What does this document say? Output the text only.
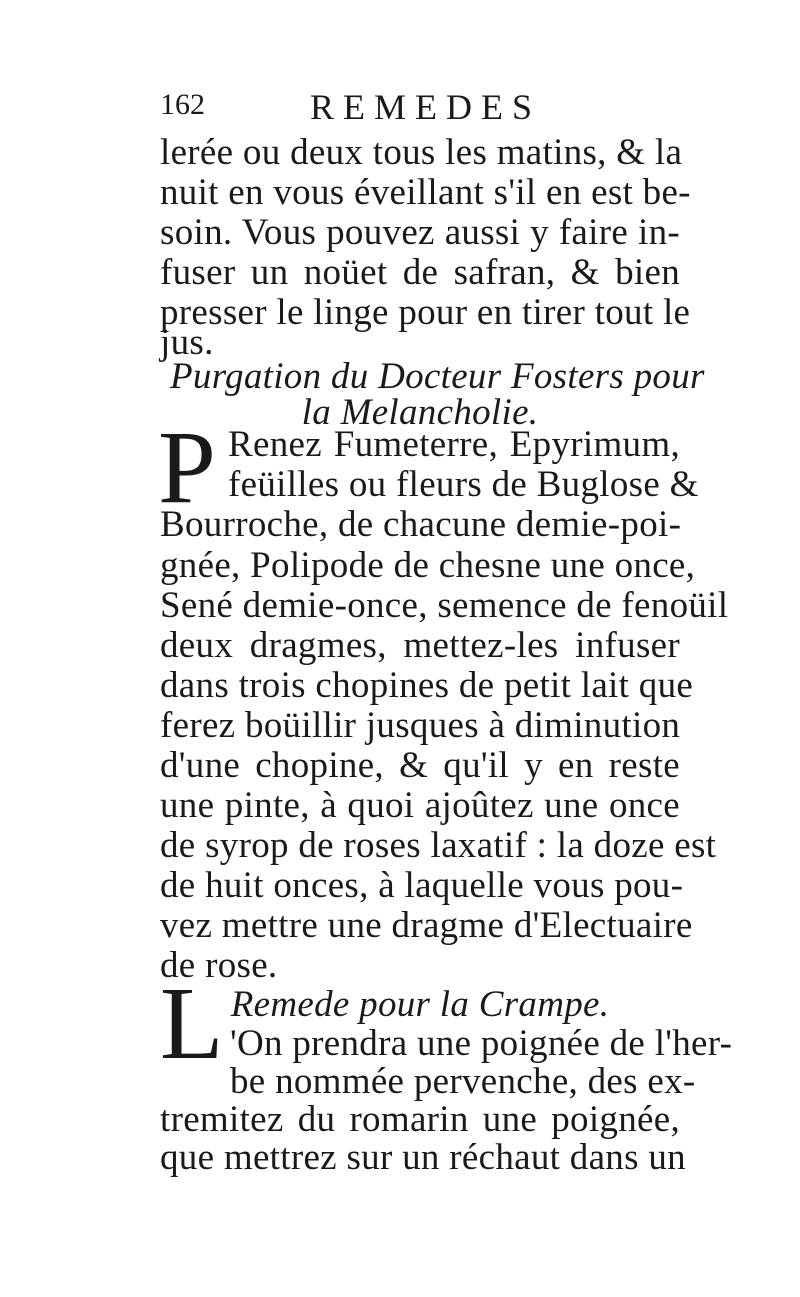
162	REMEDES
lerée ou deux tous les matins, & la
nuit en vous éveillant s'il en est be-
soin. Vous pouvez aussi y faire in-
fuser un noüet de safran, & bien
presser le linge pour en tirer tout le
jus.
Purgation du Docteur Fosters pour
la Melancholie.
P Renez Fumeterre, Epyrimum,
feüilles ou fleurs de Buglose &
Bourroche, de chacune demie-poi-
gnée, Polipode de chesne une once,
Sené demie-once, semence de fenoüil
deux dragmes, mettez-les infuser
dans trois chopines de petit lait que
ferez boüillir jusques à diminution
d'une chopine, & qu'il y en reste
une pinte, à quoi ajoûtez une once
de syrop de roses laxatif : la doze est
de huit onces, à laquelle vous pou-
vez mettre une dragme d'Electuaire
de rose.
Remede pour la Crampe.
L 'On prendra une poignée de l'her-
be nommée pervenche, des ex-
tremitez du romarin une poignée,
que mettrez sur un réchaut dans un
